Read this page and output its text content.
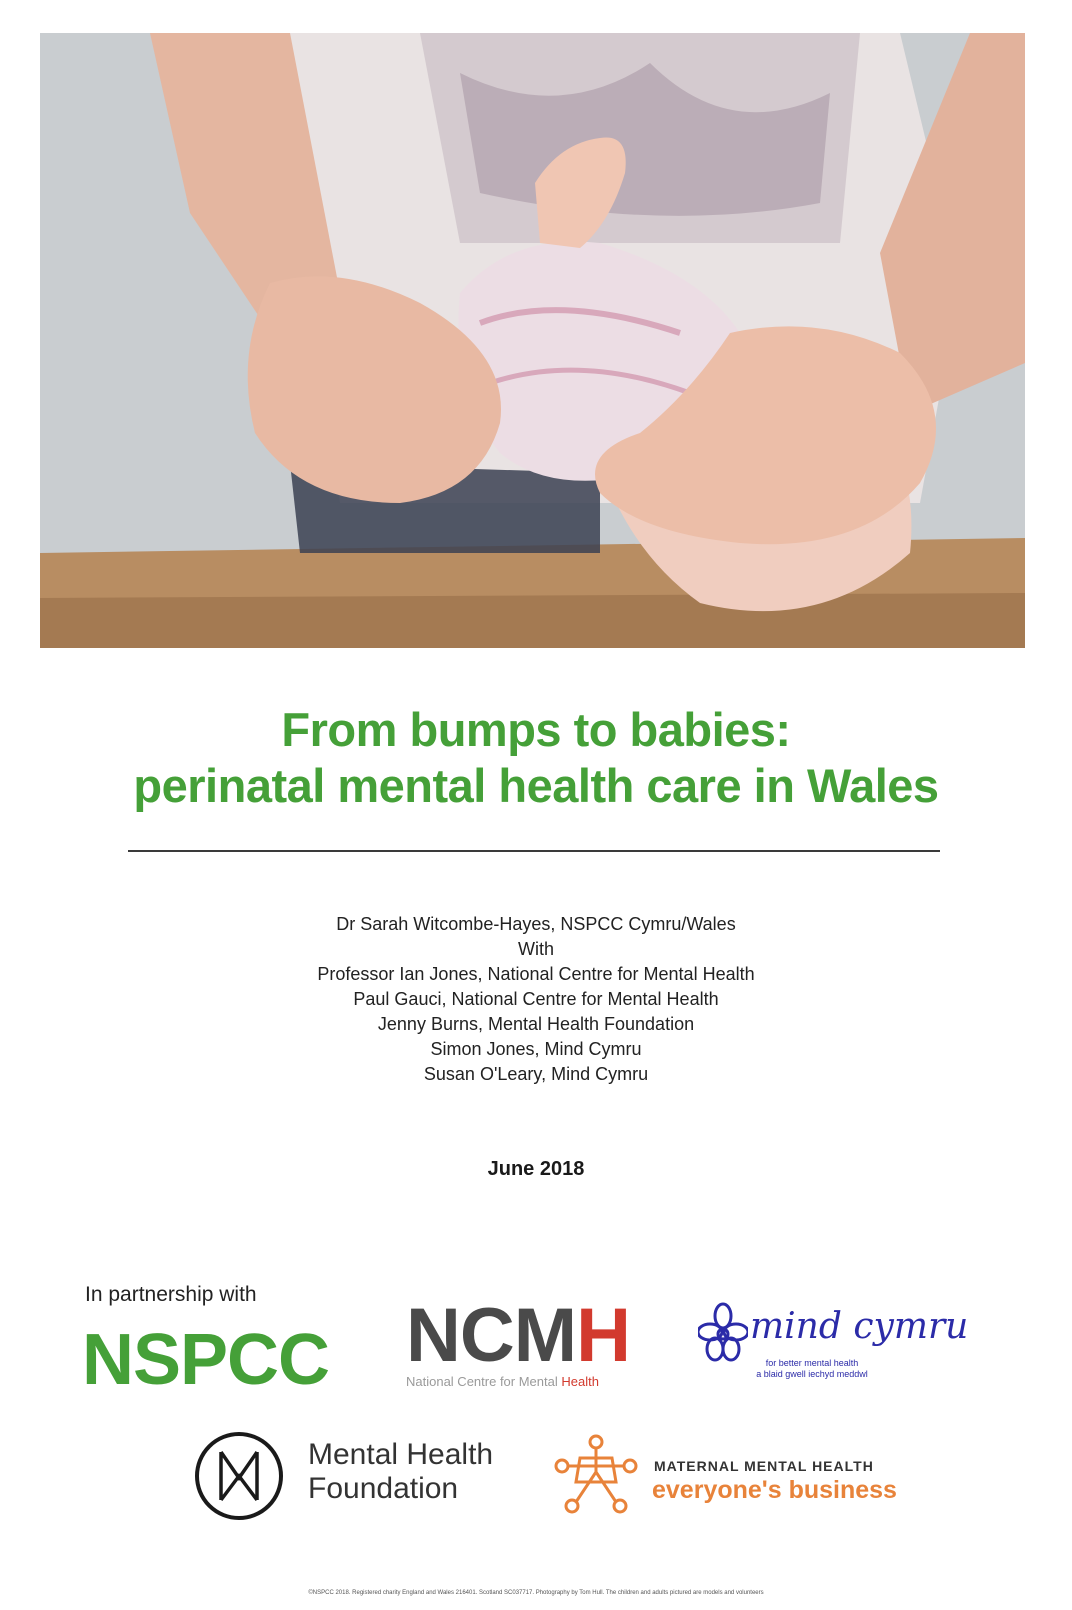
From bumps to babies:
perinatal mental health care in Wales
Dr Sarah Witcombe-Hayes, NSPCC Cymru/Wales
With
Professor Ian Jones, National Centre for Mental Health
Paul Gauci, National Centre for Mental Health
Jenny Burns, Mental Health Foundation
Simon Jones, Mind Cymru
Susan O'Leary, Mind Cymru
June 2018
In partnership with
NSPCC NCMH
National Centre for Mental Health
mind cymru
for better mental health
a blaid gwell iechyd meddwl
Mental Health
Foundation
MATERNAL MENTAL HEALTH
everyone's business
©NSPCC 2018. Registered charity England and Wales 216401. Scotland SC037717. Photography by Tom Hull. The children and adults pictured are models and volunteers
